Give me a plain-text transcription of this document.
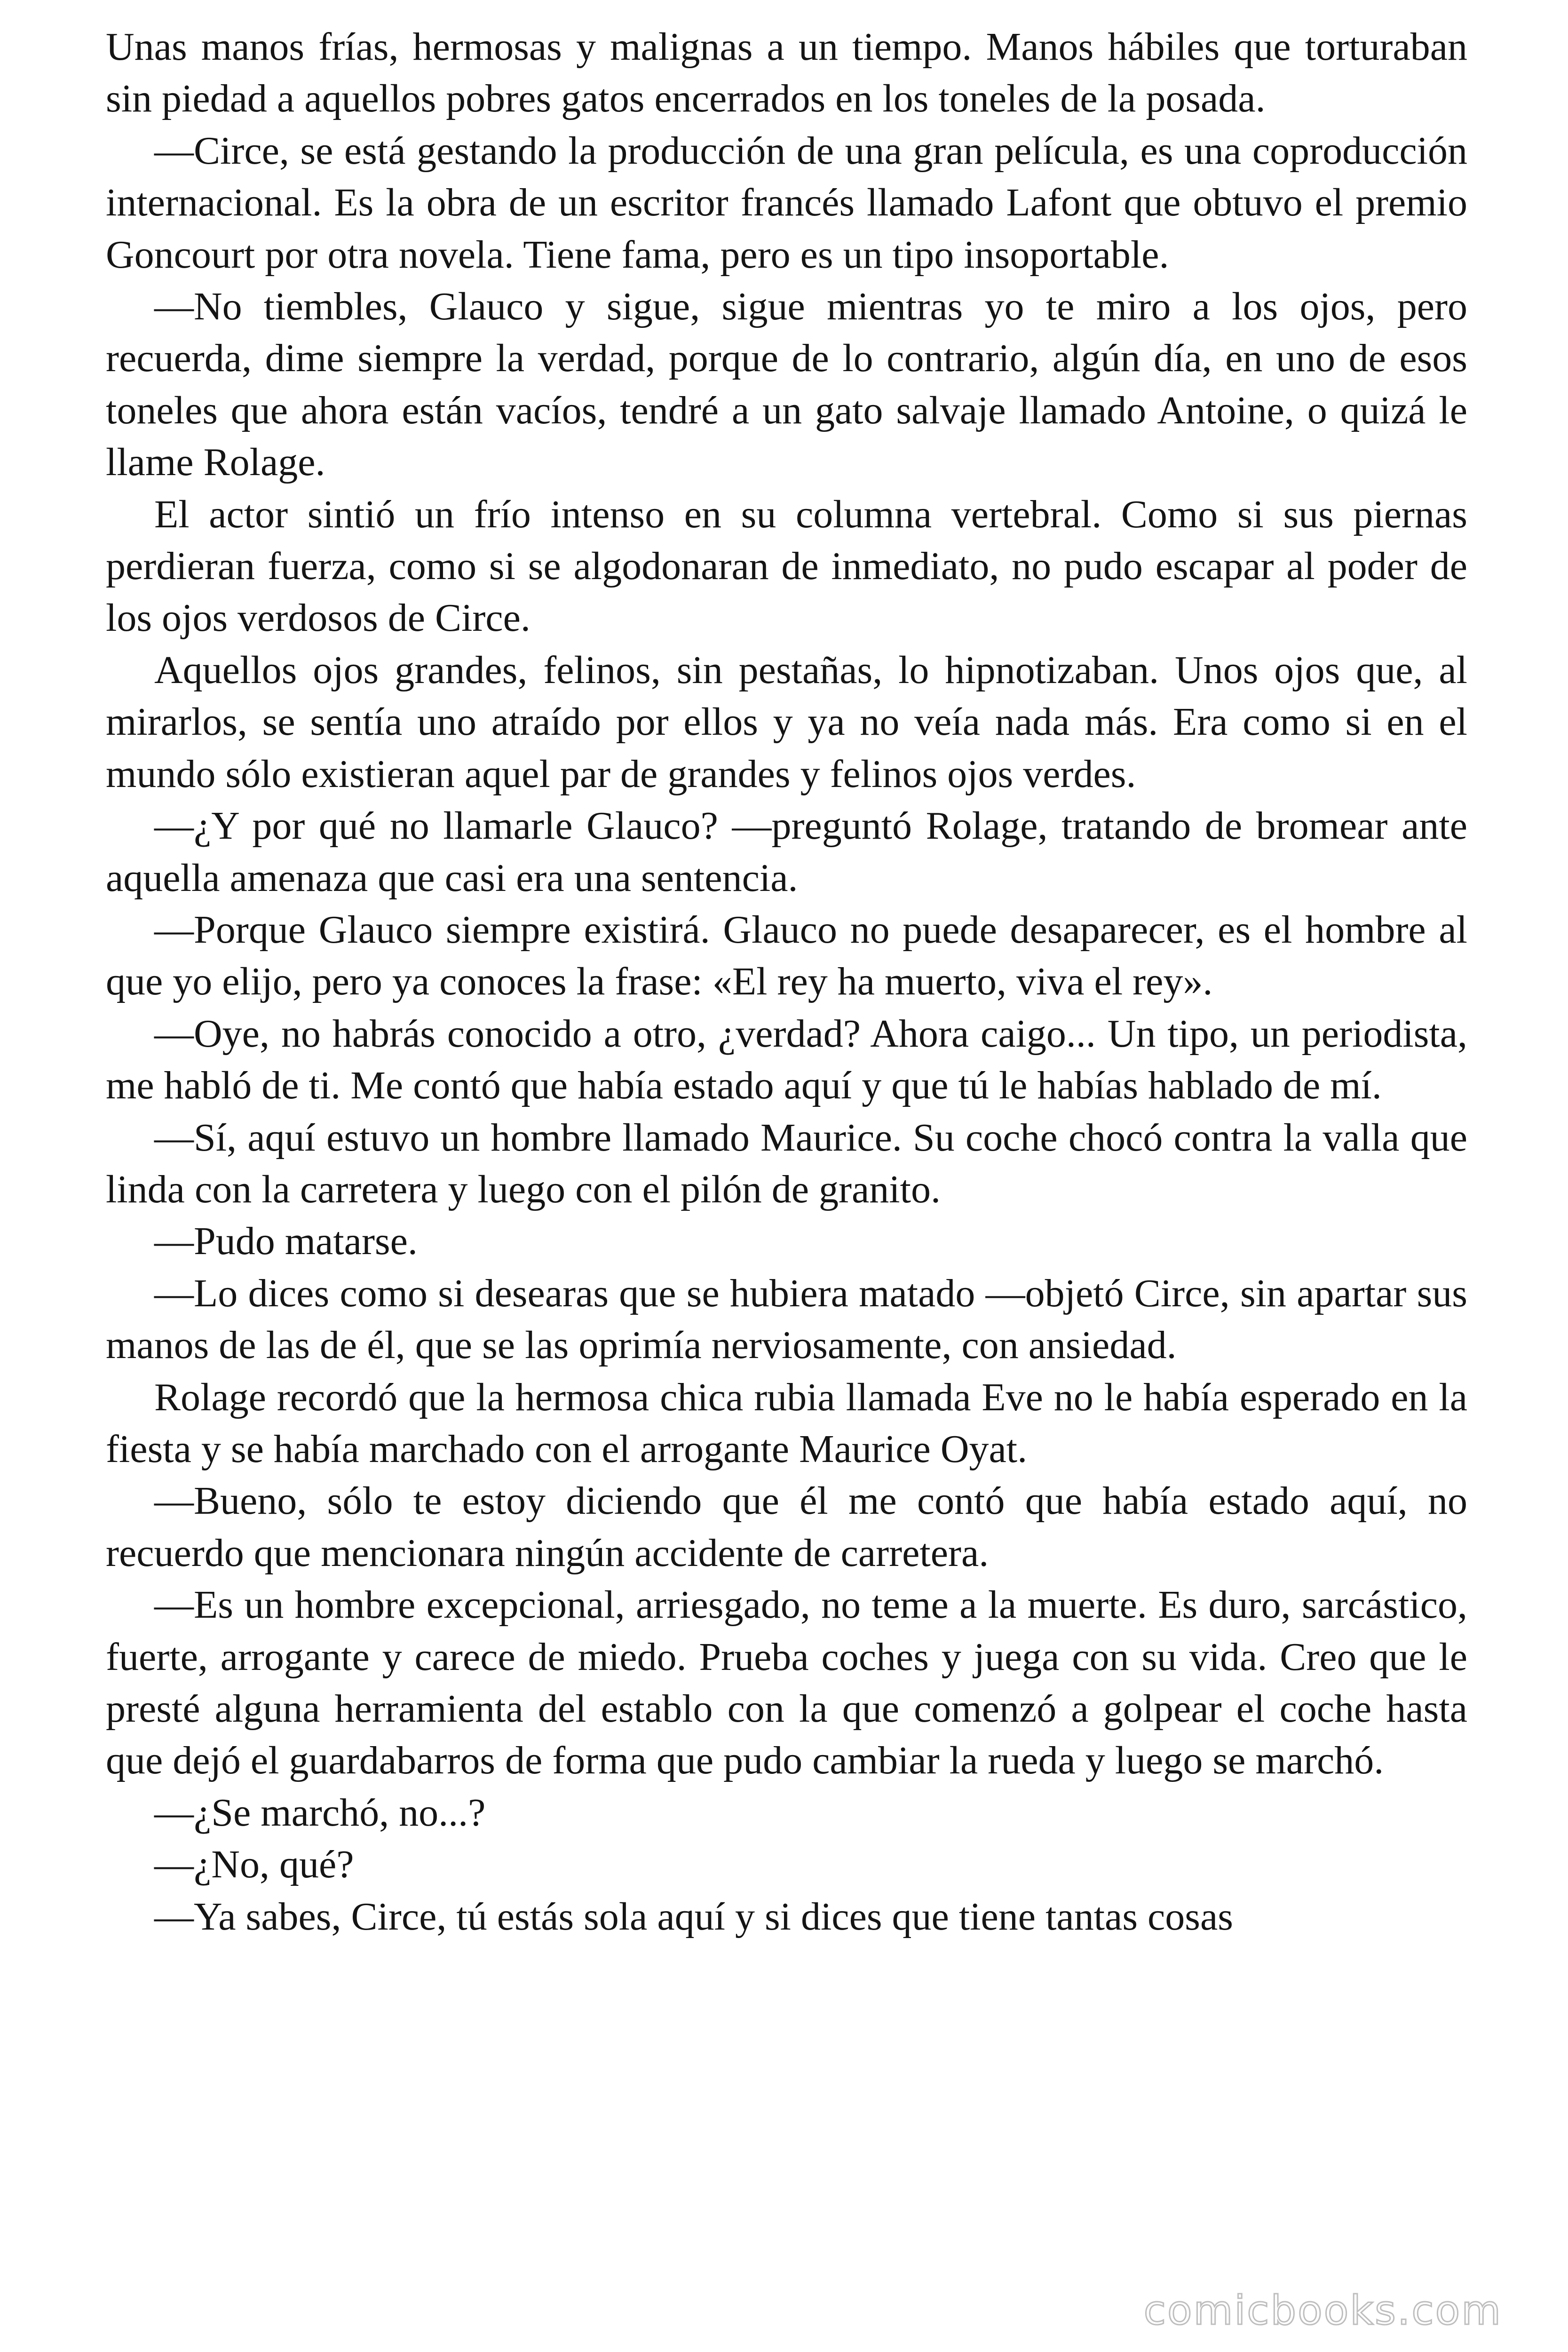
Unas manos frías, hermosas y malignas a un tiempo. Manos hábiles que torturaban sin piedad a aquellos pobres gatos encerrados en los toneles de la posada.

—Circe, se está gestando la producción de una gran película, es una coproducción internacional. Es la obra de un escritor francés llamado Lafont que obtuvo el premio Goncourt por otra novela. Tiene fama, pero es un tipo insoportable.

—No tiembles, Glauco y sigue, sigue mientras yo te miro a los ojos, pero recuerda, dime siempre la verdad, porque de lo contrario, algún día, en uno de esos toneles que ahora están vacíos, tendré a un gato salvaje llamado Antoine, o quizá le llame Rolage.

El actor sintió un frío intenso en su columna vertebral. Como si sus piernas perdieran fuerza, como si se algodonaran de inmediato, no pudo escapar al poder de los ojos verdosos de Circe.

Aquellos ojos grandes, felinos, sin pestañas, lo hipnotizaban. Unos ojos que, al mirarlos, se sentía uno atraído por ellos y ya no veía nada más. Era como si en el mundo sólo existieran aquel par de grandes y felinos ojos verdes.

—¿Y por qué no llamarle Glauco? —preguntó Rolage, tratando de bromear ante aquella amenaza que casi era una sentencia.

—Porque Glauco siempre existirá. Glauco no puede desaparecer, es el hombre al que yo elijo, pero ya conoces la frase: «El rey ha muerto, viva el rey».

—Oye, no habrás conocido a otro, ¿verdad? Ahora caigo... Un tipo, un periodista, me habló de ti. Me contó que había estado aquí y que tú le habías hablado de mí.

—Sí, aquí estuvo un hombre llamado Maurice. Su coche chocó contra la valla que linda con la carretera y luego con el pilón de granito.

—Pudo matarse.

—Lo dices como si desearas que se hubiera matado —objetó Circe, sin apartar sus manos de las de él, que se las oprimía nerviosamente, con ansiedad.

Rolage recordó que la hermosa chica rubia llamada Eve no le había esperado en la fiesta y se había marchado con el arrogante Maurice Oyat.

—Bueno, sólo te estoy diciendo que él me contó que había estado aquí, no recuerdo que mencionara ningún accidente de carretera.

—Es un hombre excepcional, arriesgado, no teme a la muerte. Es duro, sarcástico, fuerte, arrogante y carece de miedo. Prueba coches y juega con su vida. Creo que le presté alguna herramienta del establo con la que comenzó a golpear el coche hasta que dejó el guardabarros de forma que pudo cambiar la rueda y luego se marchó.

—¿Se marchó, no...?

—¿No, qué?

—Ya sabes, Circe, tú estás sola aquí y si dices que tiene tantas cosas

comicbooks.com
